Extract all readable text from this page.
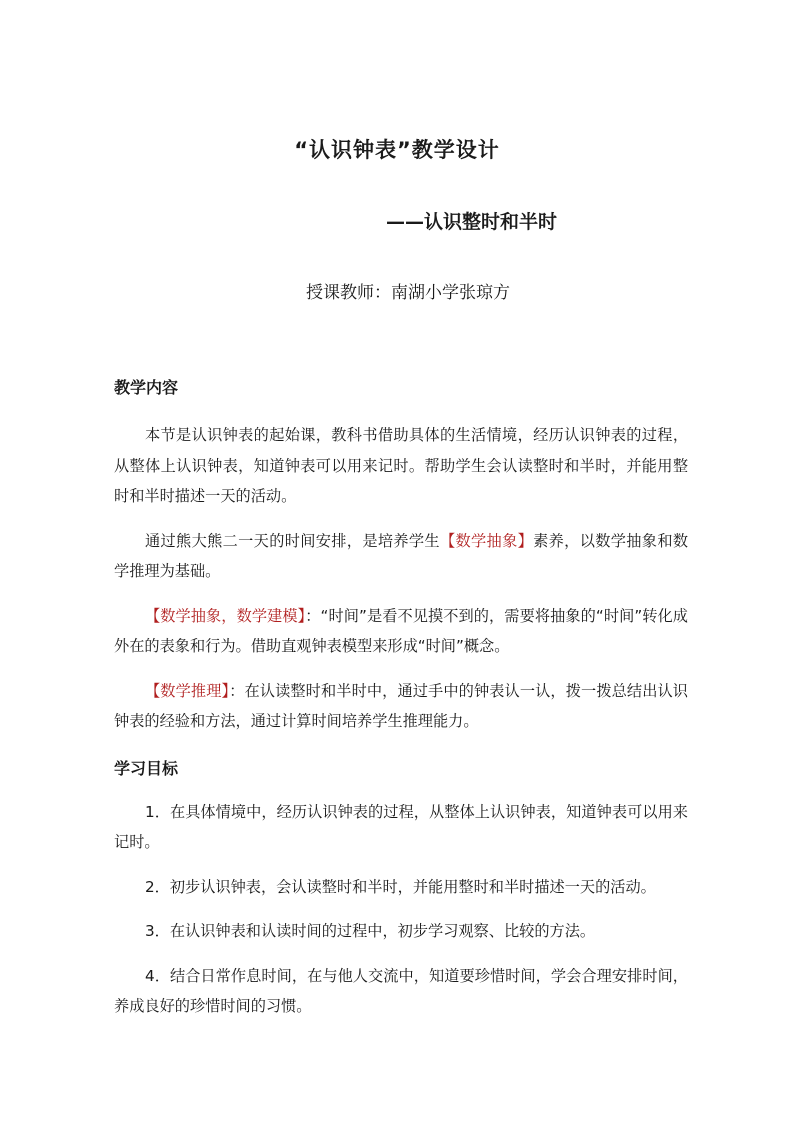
“认识钟表”教学设计
——认识整时和半时
授课教师：南湖小学张琼方

教学内容

本节是认识钟表的起始课，教科书借助具体的生活情境，经历认识钟表的过程，从整体上认识钟表，知道钟表可以用来记时。帮助学生会认读整时和半时，并能用整时和半时描述一天的活动。

通过熊大熊二一天的时间安排，是培养学生【数学抽象】素养，以数学抽象和数学推理为基础。

【数学抽象，数学建模】：“时间”是看不见摸不到的，需要将抽象的“时间”转化成外在的表象和行为。借助直观钟表模型来形成“时间”概念。

【数学推理】：在认读整时和半时中，通过手中的钟表认一认，拨一拨总结出认识钟表的经验和方法，通过计算时间培养学生推理能力。

学习目标

1．在具体情境中，经历认识钟表的过程，从整体上认识钟表，知道钟表可以用来记时。

2．初步认识钟表，会认读整时和半时，并能用整时和半时描述一天的活动。

3．在认识钟表和认读时间的过程中，初步学习观察、比较的方法。

4．结合日常作息时间，在与他人交流中，知道要珍惜时间，学会合理安排时间，养成良好的珍惜时间的习惯。
